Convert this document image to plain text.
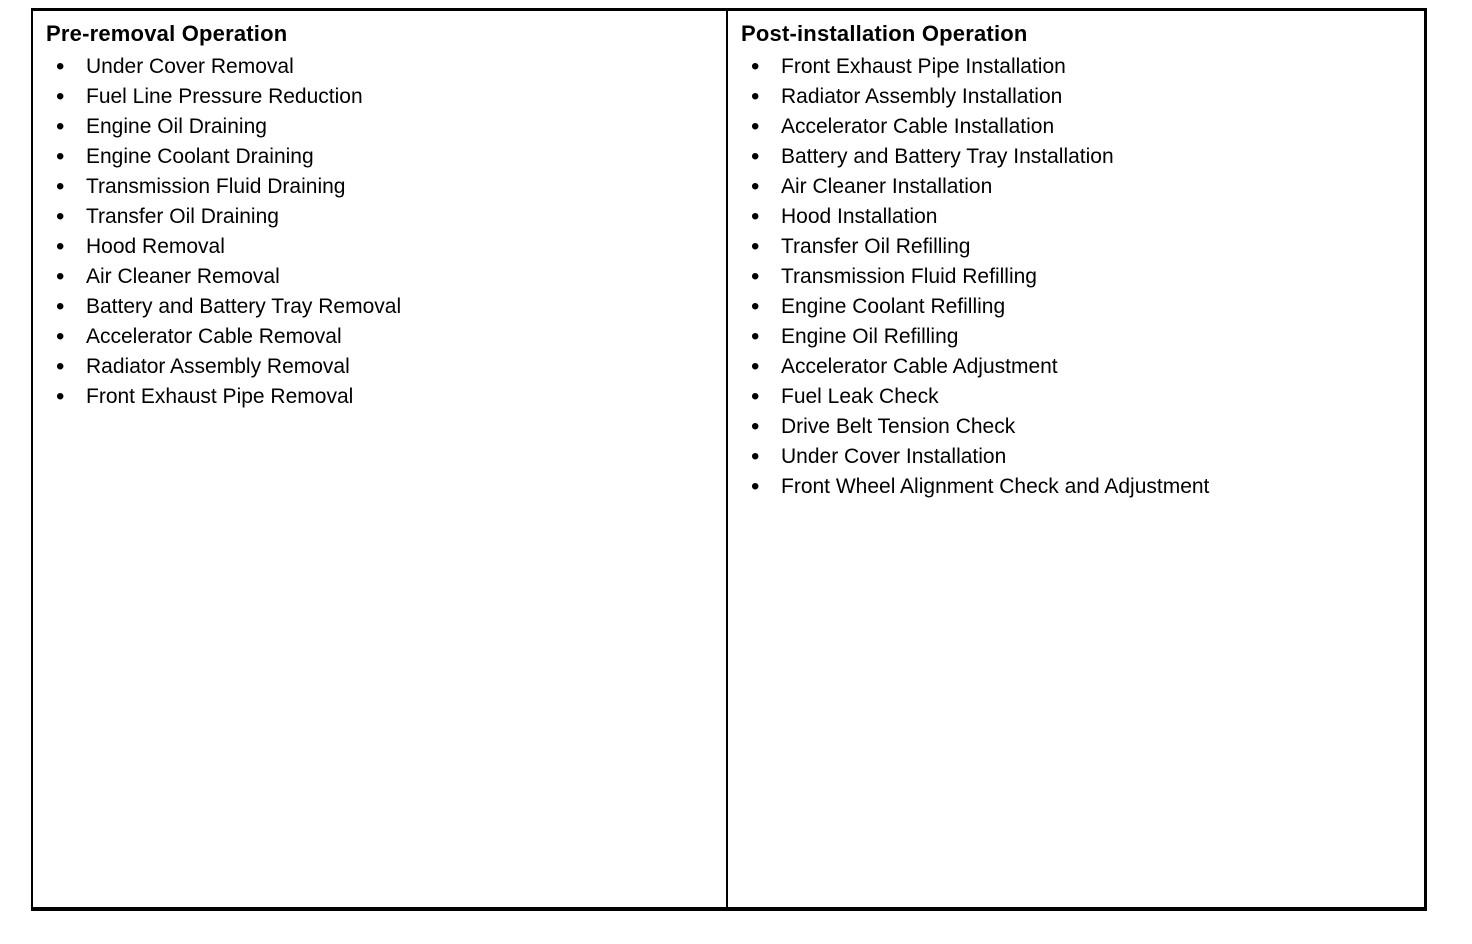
Pre-removal Operation
• Under Cover Removal
• Fuel Line Pressure Reduction
• Engine Oil Draining
• Engine Coolant Draining
• Transmission Fluid Draining
• Transfer Oil Draining
• Hood Removal
• Air Cleaner Removal
• Battery and Battery Tray Removal
• Accelerator Cable Removal
• Radiator Assembly Removal
• Front Exhaust Pipe Removal
Post-installation Operation
• Front Exhaust Pipe Installation
• Radiator Assembly Installation
• Accelerator Cable Installation
• Battery and Battery Tray Installation
• Air Cleaner Installation
• Hood Installation
• Transfer Oil Refilling
• Transmission Fluid Refilling
• Engine Coolant Refilling
• Engine Oil Refilling
• Accelerator Cable Adjustment
• Fuel Leak Check
• Drive Belt Tension Check
• Under Cover Installation
• Front Wheel Alignment Check and Adjustment
